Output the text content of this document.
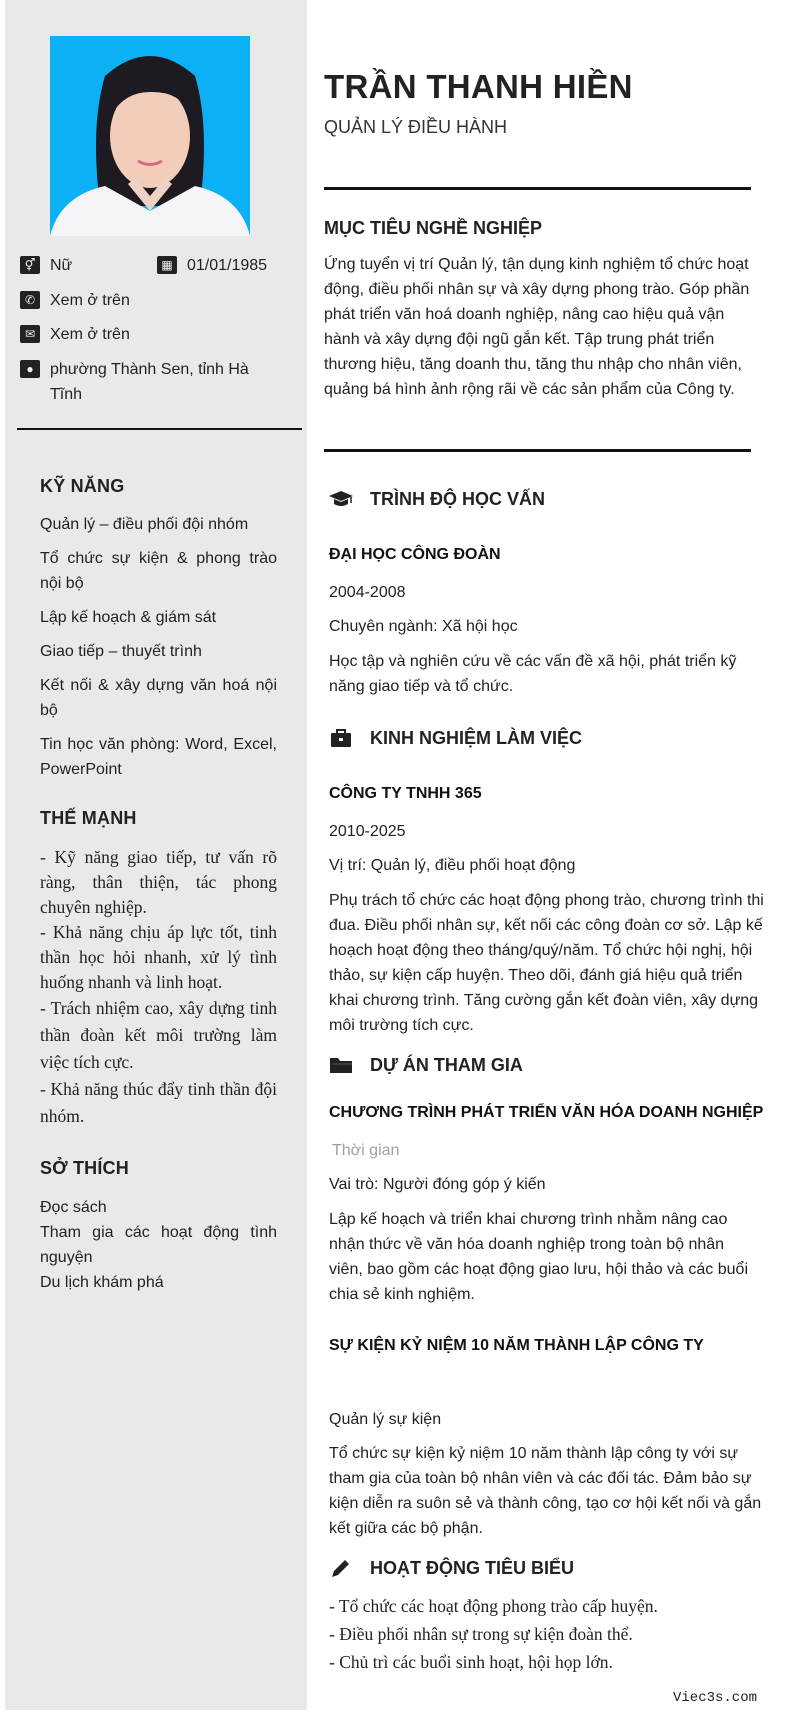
⚥ Nữ	▦ 01/01/1985
✆ Xem ở trên
✉ Xem ở trên
●	phường Thành Sen, tỉnh Hà Tĩnh
KỸ NĂNG
Quản lý – điều phối đội nhóm
Tổ chức sự kiện & phong trào nội bộ
Lập kế hoạch & giám sát
Giao tiếp – thuyết trình
Kết nối & xây dựng văn hoá nội bộ
Tin học văn phòng: Word, Excel, PowerPoint
THẾ MẠNH
- Kỹ năng giao tiếp, tư vấn rõ ràng, thân thiện, tác phong chuyên nghiệp.
- Khả năng chịu áp lực tốt, tinh thần học hỏi nhanh, xử lý tình huống nhanh và linh hoạt.
- Trách nhiệm cao, xây dựng tinh thần đoàn kết môi trường làm việc tích cực.
- Khả năng thúc đẩy tinh thần đội nhóm.
SỞ THÍCH
Đọc sách
Tham gia các hoạt động tình nguyện
Du lịch khám phá
TRẦN THANH HIỀN
QUẢN LÝ ĐIỀU HÀNH
MỤC TIÊU NGHỀ NGHIỆP
Ứng tuyển vị trí Quản lý, tận dụng kinh nghiệm tổ chức hoạt động, điều phối nhân sự và xây dựng phong trào. Góp phần phát triển văn hoá doanh nghiệp, nâng cao hiệu quả vận hành và xây dựng đội ngũ gắn kết. Tập trung phát triển thương hiệu, tăng doanh thu, tăng thu nhập cho nhân viên, quảng bá hình ảnh rộng rãi về các sản phẩm của Công ty.
TRÌNH ĐỘ HỌC VẤN
ĐẠI HỌC CÔNG ĐOÀN
2004-2008
Chuyên ngành: Xã hội học
Học tập và nghiên cứu về các vấn đề xã hội, phát triển kỹ năng giao tiếp và tổ chức.
KINH NGHIỆM LÀM VIỆC
CÔNG TY TNHH 365
2010-2025
Vị trí: Quản lý, điều phối hoạt động
Phụ trách tổ chức các hoạt động phong trào, chương trình thi đua. Điều phối nhân sự, kết nối các công đoàn cơ sở. Lập kế hoạch hoạt động theo tháng/quý/năm. Tổ chức hội nghị, hội thảo, sự kiện cấp huyện. Theo dõi, đánh giá hiệu quả triển khai chương trình. Tăng cường gắn kết đoàn viên, xây dựng môi trường tích cực.
DỰ ÁN THAM GIA
CHƯƠNG TRÌNH PHÁT TRIỂN VĂN HÓA DOANH NGHIỆP
Thời gian
Vai trò: Người đóng góp ý kiến
Lập kế hoạch và triển khai chương trình nhằm nâng cao nhận thức về văn hóa doanh nghiệp trong toàn bộ nhân viên, bao gồm các hoạt động giao lưu, hội thảo và các buổi chia sẻ kinh nghiệm.
SỰ KIỆN KỶ NIỆM 10 NĂM THÀNH LẬP CÔNG TY
Quản lý sự kiện
Tổ chức sự kiện kỷ niệm 10 năm thành lập công ty với sự tham gia của toàn bộ nhân viên và các đối tác. Đảm bảo sự kiện diễn ra suôn sẻ và thành công, tạo cơ hội kết nối và gắn kết giữa các bộ phận.
HOẠT ĐỘNG TIÊU BIỂU
- Tổ chức các hoạt động phong trào cấp huyện.
- Điều phối nhân sự trong sự kiện đoàn thể.
- Chủ trì các buổi sinh hoạt, hội họp lớn.
Viec3s.com
